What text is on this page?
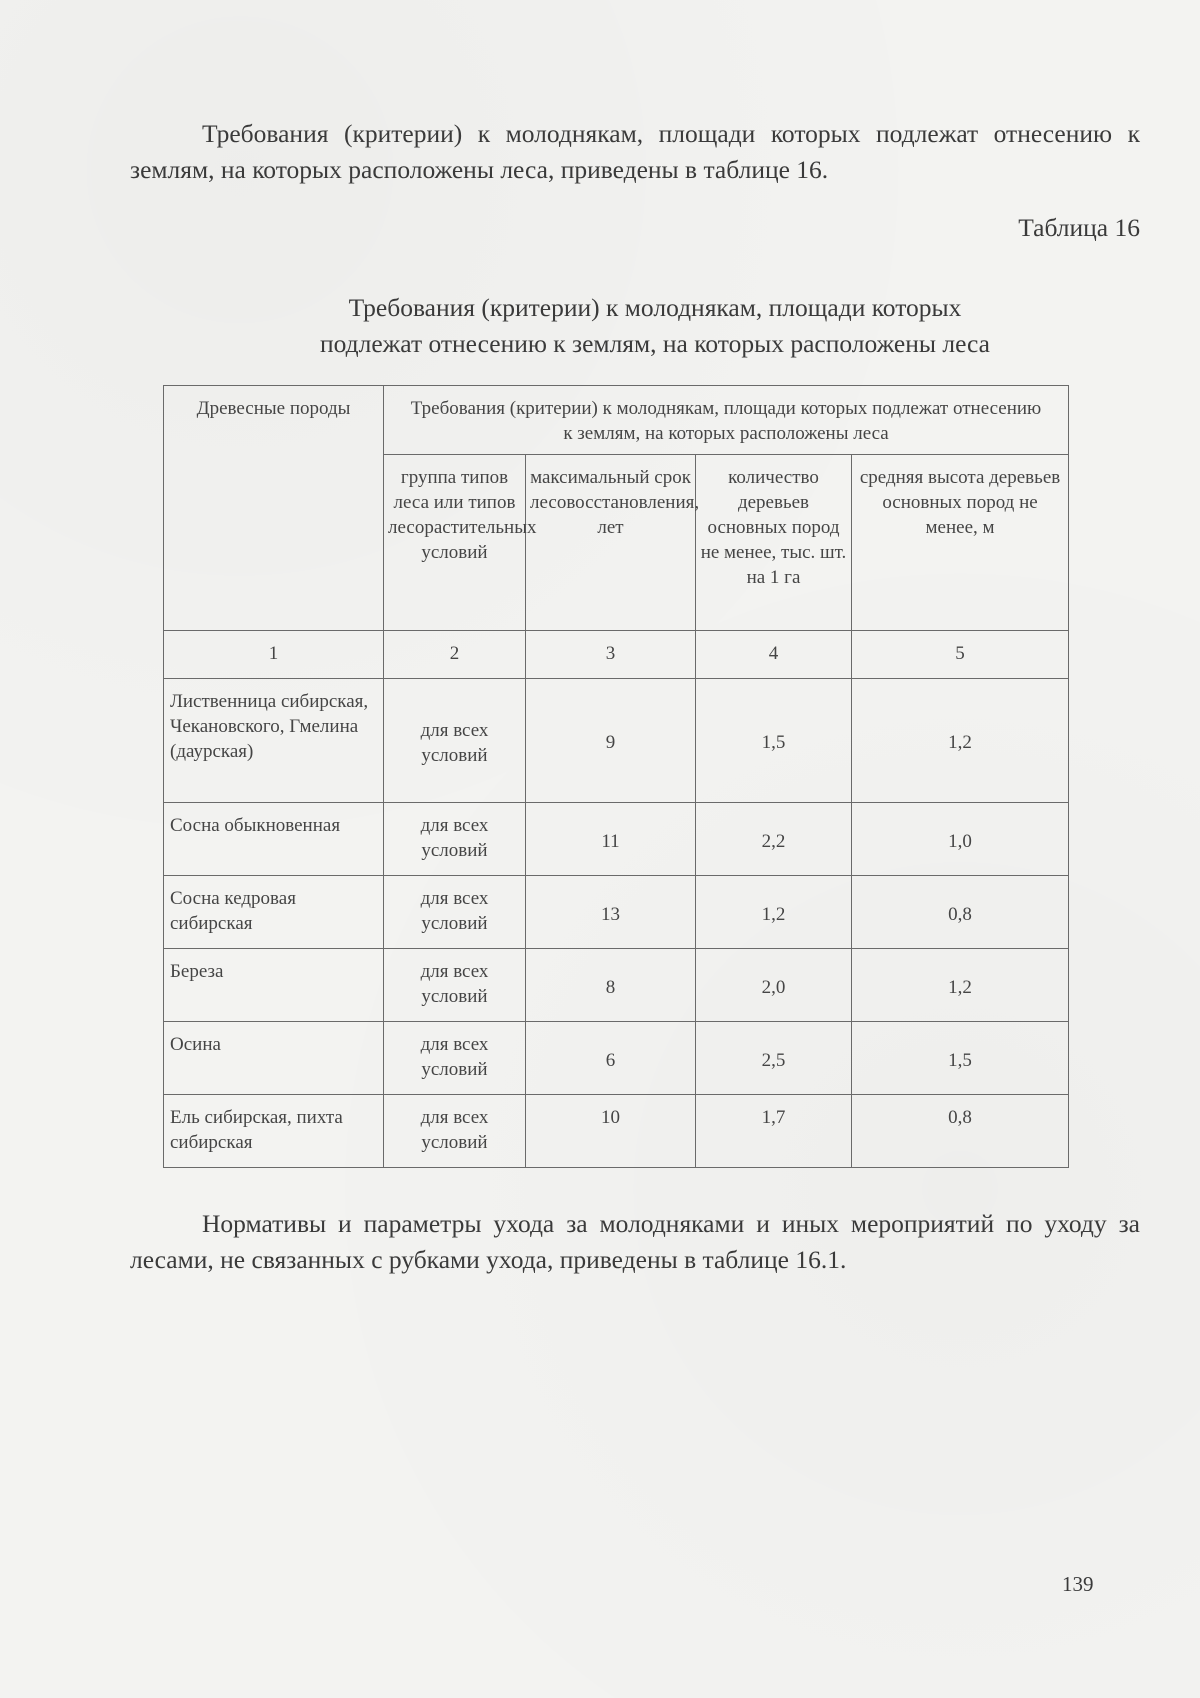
Требования (критерии) к молоднякам, площади которых подлежат отнесению к землям, на которых расположены леса, приведены в таблице 16.

Таблица 16

Требования (критерии) к молоднякам, площади которых
подлежат отнесению к землям, на которых расположены леса
Древесные породы	Требования (критерии) к молоднякам, площади которых подлежат отнесению к землям, на которых расположены леса			
	группа типов леса или типов лесорастительных условий	максимальный срок лесовосстановления, лет	количество деревьев основных пород не менее, тыс. шт. на 1 га	средняя высота деревьев основных пород не менее, м
1	2	3	4	5
Лиственница сибирская, Чекановского, Гмелина (даурская)	для всех условий	9	1,5	1,2
Сосна обыкновенная	для всех условий	11	2,2	1,0
Сосна кедровая сибирская	для всех условий	13	1,2	0,8
Береза	для всех условий	8	2,0	1,2
Осина	для всех условий	6	2,5	1,5
Ель сибирская, пихта сибирская	для всех условий	10	1,7	0,8

Нормативы и параметры ухода за молодняками и иных мероприятий по уходу за лесами, не связанных с рубками ухода, приведены в таблице 16.1.

139
